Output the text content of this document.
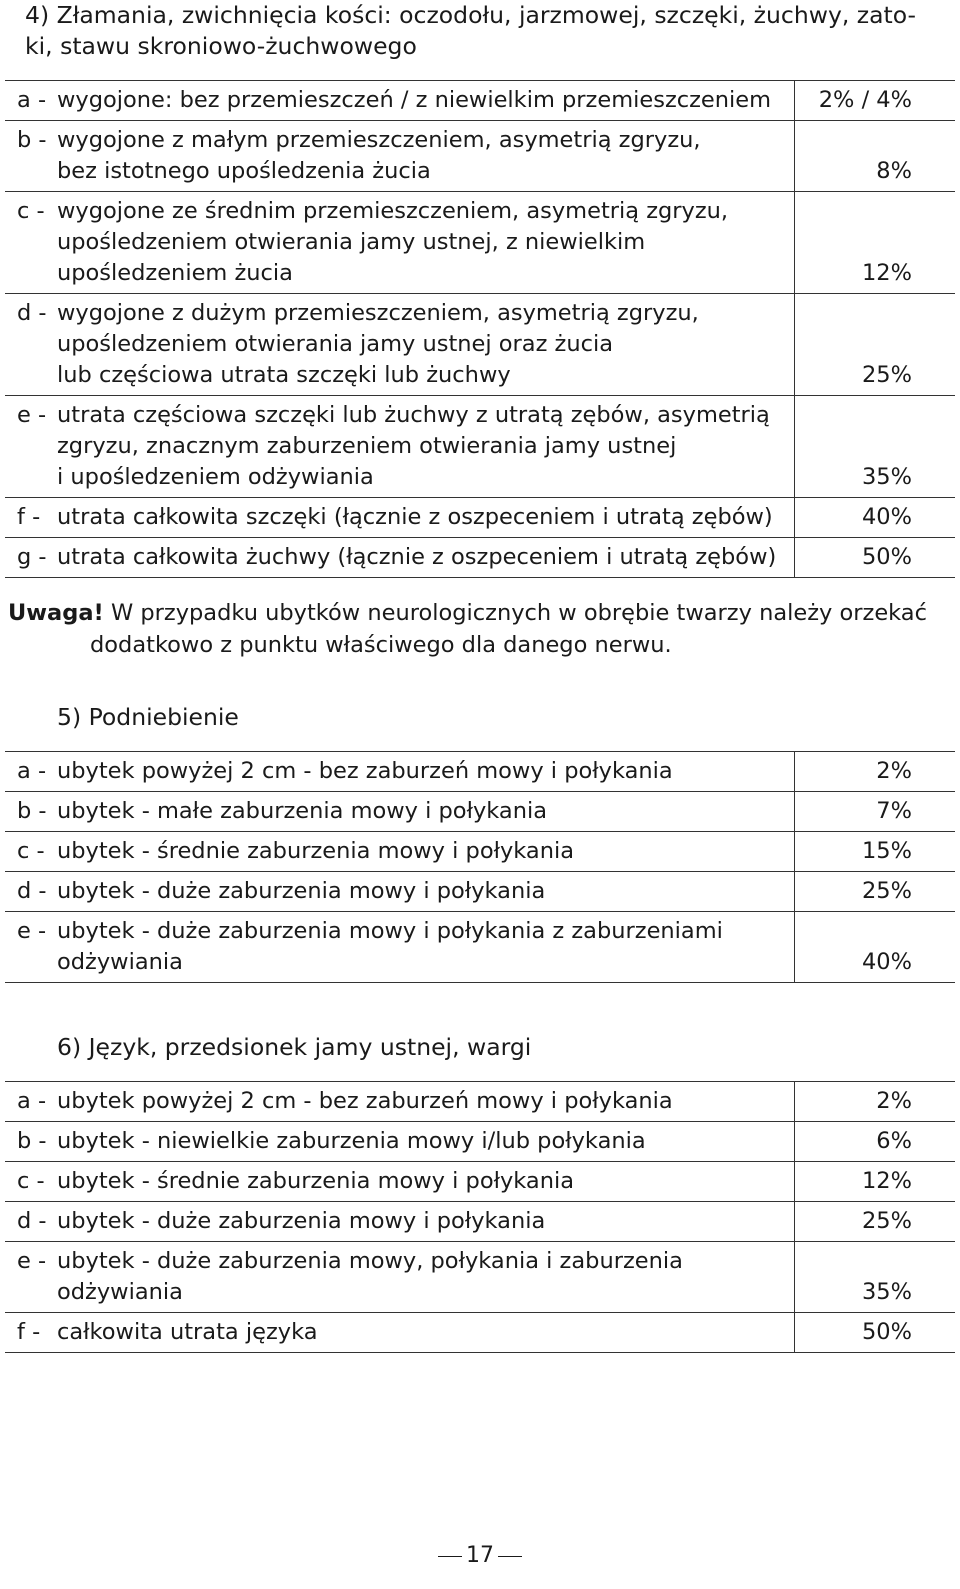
4) Złamania, zwichnięcia kości: oczodołu, jarzmowej, szczęki, żuchwy, zato-
ki, stawu skroniowo-żuchwowego
a - wygojone: bez przemieszczeń / z niewielkim przemieszczeniem	2% / 4%

b - wygojone z małym przemieszczeniem, asymetrią zgryzu,
bez istotnego upośledzenia żucia	8%

c - wygojone ze średnim przemieszczeniem, asymetrią zgryzu,
upośledzeniem otwierania jamy ustnej, z niewielkim
upośledzeniem żucia	12%

d - wygojone z dużym przemieszczeniem, asymetrią zgryzu,
upośledzeniem otwierania jamy ustnej oraz żucia
lub częściowa utrata szczęki lub żuchwy	25%

e - utrata częściowa szczęki lub żuchwy z utratą zębów, asymetrią
zgryzu, znacznym zaburzeniem otwierania jamy ustnej
i upośledzeniem odżywiania	35%

f - utrata całkowita szczęki (łącznie z oszpeceniem i utratą zębów)	40%

g - utrata całkowita żuchwy (łącznie z oszpeceniem i utratą zębów)	50%
Uwaga! W przypadku ubytków neurologicznych w obrębie twarzy należy orzekać
dodatkowo z punktu właściwego dla danego nerwu.
5) Podniebienie
a - ubytek powyżej 2 cm - bez zaburzeń mowy i połykania	2%

b - ubytek - małe zaburzenia mowy i połykania	7%

c - ubytek - średnie zaburzenia mowy i połykania	15%

d - ubytek - duże zaburzenia mowy i połykania	25%

e - ubytek - duże zaburzenia mowy i połykania z zaburzeniami
odżywiania	40%
6) Język, przedsionek jamy ustnej, wargi
a - ubytek powyżej 2 cm - bez zaburzeń mowy i połykania	2%

b - ubytek - niewielkie zaburzenia mowy i/lub połykania	6%

c - ubytek - średnie zaburzenia mowy i połykania	12%

d - ubytek - duże zaburzenia mowy i połykania	25%

e - ubytek - duże zaburzenia mowy, połykania i zaburzenia odżywiania	35%

f - całkowita utrata języka	50%
17
